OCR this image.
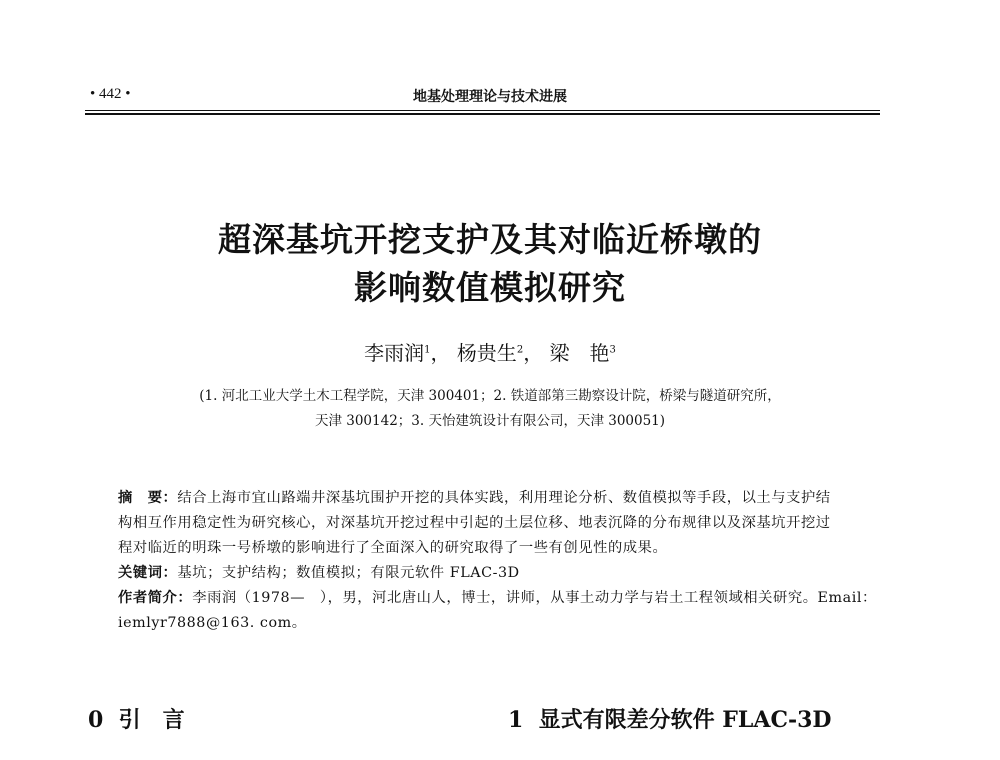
• 442 •	地基处理理论与技术进展
超深基坑开挖支护及其对临近桥墩的
影响数值模拟研究
李雨润$^1$， 杨贵生$^2$， 梁　艳$^3$
(1. 河北工业大学土木工程学院，天津 300401；2. 铁道部第三勘察设计院，桥梁与隧道研究所，
天津 300142；3. 天怡建筑设计有限公司，天津 300051)
摘　要：结合上海市宜山路端井深基坑围护开挖的具体实践，利用理论分析、数值模拟等手段，以土与支护结
构相互作用稳定性为研究核心，对深基坑开挖过程中引起的土层位移、地表沉降的分布规律以及深基坑开挖过
程对临近的明珠一号桥墩的影响进行了全面深入的研究取得了一些有创见性的成果。
关键词：基坑；支护结构；数值模拟；有限元软件 FLAC-3D
作者简介：李雨润（1978—　），男，河北唐山人，博士，讲师，从事土动力学与岩土工程领域相关研究。Email：
iemlyr7888@163. com。
0 引　言	1 显式有限差分软件 FLAC-3D
